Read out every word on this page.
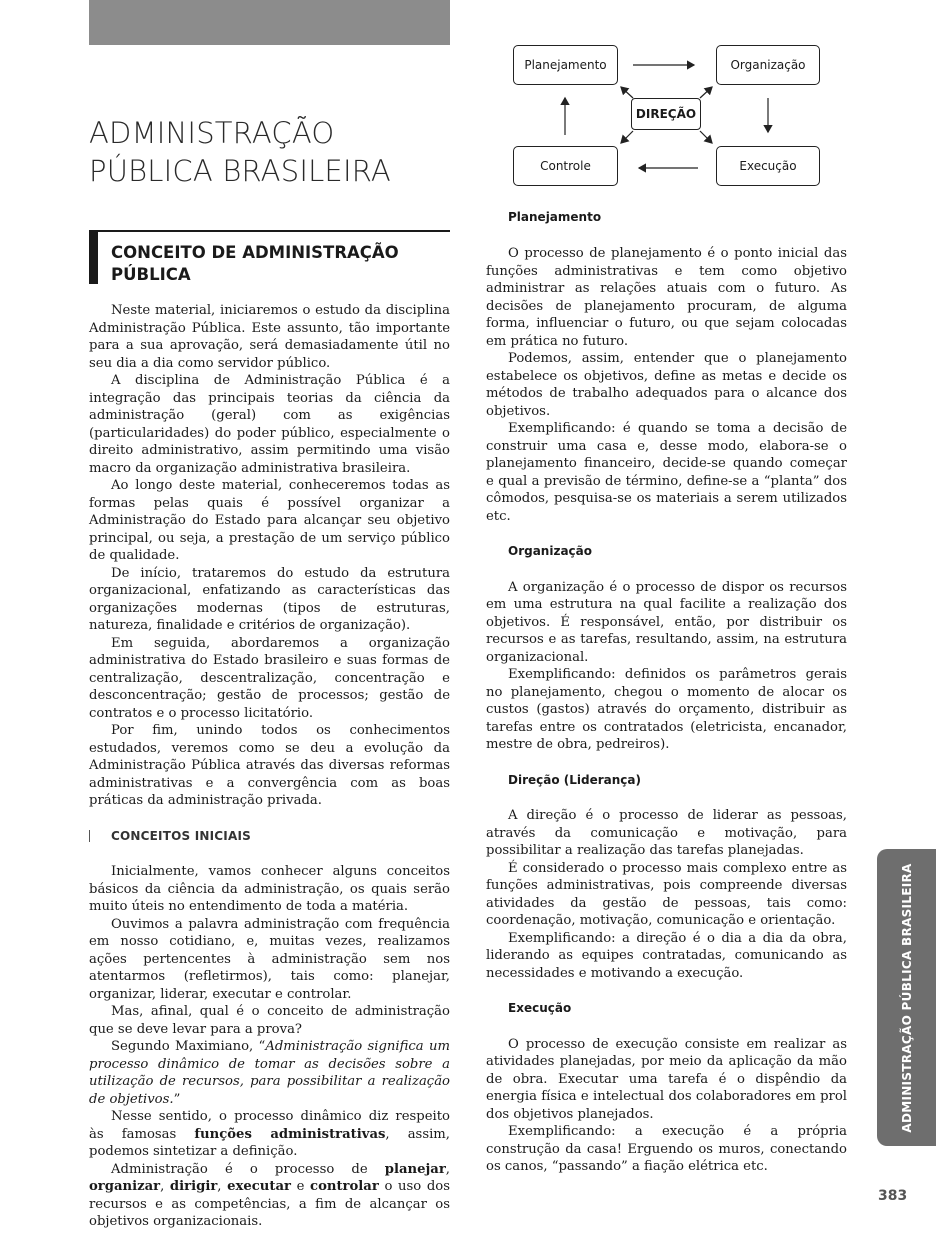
ADMINISTRAÇÃO
PÚBLICA BRASILEIRA
CONCEITO DE ADMINISTRAÇÃO
PÚBLICA

Neste material, iniciaremos o estudo da disciplina Administração Pública. Este assunto, tão importante para a sua aprovação, será demasiadamente útil no seu dia a dia como servidor público.

A disciplina de Administração Pública é a integração das principais teorias da ciência da administração (geral) com as exigências (particularidades) do poder público, especialmente o direito administrativo, assim permitindo uma visão macro da organização administrativa brasileira.

Ao longo deste material, conheceremos todas as formas pelas quais é possível organizar a Administração do Estado para alcançar seu objetivo principal, ou seja, a prestação de um serviço público de qualidade.

De início, trataremos do estudo da estrutura organizacional, enfatizando as características das organizações modernas (tipos de estruturas, natureza, finalidade e critérios de organização).

Em seguida, abordaremos a organização administrativa do Estado brasileiro e suas formas de centralização, descentralização, concentração e desconcentração; gestão de processos; gestão de contratos e o processo licitatório.

Por fim, unindo todos os conhecimentos estudados, veremos como se deu a evolução da Administração Pública através das diversas reformas administrativas e a convergência com as boas práticas da administração privada.

CONCEITOS INICIAIS

Inicialmente, vamos conhecer alguns conceitos básicos da ciência da administração, os quais serão muito úteis no entendimento de toda a matéria.

Ouvimos a palavra administração com frequência em nosso cotidiano, e, muitas vezes, realizamos ações pertencentes à administração sem nos atentarmos (refletirmos), tais como: planejar, organizar, liderar, executar e controlar.

Mas, afinal, qual é o conceito de administração que se deve levar para a prova?

Segundo Maximiano, “Administração significa um processo dinâmico de tomar as decisões sobre a utilização de recursos, para possibilitar a realização de objetivos.”

Nesse sentido, o processo dinâmico diz respeito às famosas funções administrativas, assim, podemos sintetizar a definição.

Administração é o processo de planejar, organizar, dirigir, executar e controlar o uso dos recursos e as competências, a fim de alcançar os objetivos organizacionais.

Planejamento	Organização
Controle	Execução
DIREÇÃO
Planejamento

O processo de planejamento é o ponto inicial das funções administrativas e tem como objetivo administrar as relações atuais com o futuro. As decisões de planejamento procuram, de alguma forma, influenciar o futuro, ou que sejam colocadas em prática no futuro.

Podemos, assim, entender que o planejamento estabelece os objetivos, define as metas e decide os métodos de trabalho adequados para o alcance dos objetivos.

Exemplificando: é quando se toma a decisão de construir uma casa e, desse modo, elabora-se o planejamento financeiro, decide-se quando começar e qual a previsão de término, define-se a “planta” dos cômodos, pesquisa-se os materiais a serem utilizados etc.

Organização

A organização é o processo de dispor os recursos em uma estrutura na qual facilite a realização dos objetivos. É responsável, então, por distribuir os recursos e as tarefas, resultando, assim, na estrutura organizacional.

Exemplificando: definidos os parâmetros gerais no planejamento, chegou o momento de alocar os custos (gastos) através do orçamento, distribuir as tarefas entre os contratados (eletricista, encanador, mestre de obra, pedreiros).

Direção (Liderança)

A direção é o processo de liderar as pessoas, através da comunicação e motivação, para possibilitar a realização das tarefas planejadas.

É considerado o processo mais complexo entre as funções administrativas, pois compreende diversas atividades da gestão de pessoas, tais como: coordenação, motivação, comunicação e orientação.

Exemplificando: a direção é o dia a dia da obra, liderando as equipes contratadas, comunicando as necessidades e motivando a execução.

Execução

O processo de execução consiste em realizar as atividades planejadas, por meio da aplicação da mão de obra. Executar uma tarefa é o dispêndio da energia física e intelectual dos colaboradores em prol dos objetivos planejados.

Exemplificando: a execução é a própria construção da casa! Erguendo os muros, conectando os canos, “passando” a fiação elétrica etc.

ADMINISTRAÇÃO PÚBLICA BRASILEIRA
383
